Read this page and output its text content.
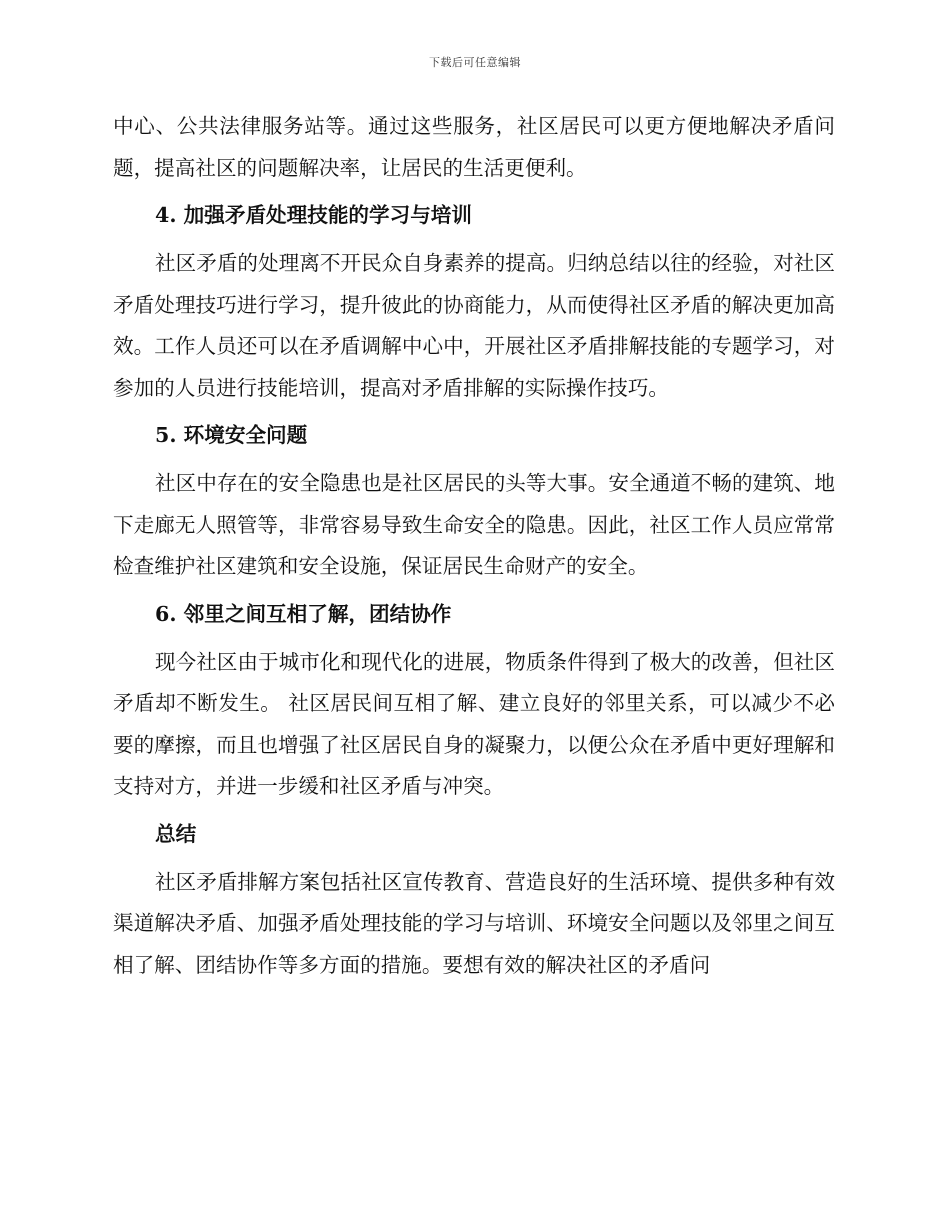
下载后可任意编辑

中心、公共法律服务站等。通过这些服务，社区居民可以更方便地解决矛盾问题，提高社区的问题解决率，让居民的生活更便利。

4. 加强矛盾处理技能的学习与培训

社区矛盾的处理离不开民众自身素养的提高。归纳总结以往的经验，对社区矛盾处理技巧进行学习，提升彼此的协商能力，从而使得社区矛盾的解决更加高效。工作人员还可以在矛盾调解中心中，开展社区矛盾排解技能的专题学习，对参加的人员进行技能培训，提高对矛盾排解的实际操作技巧。

5. 环境安全问题

社区中存在的安全隐患也是社区居民的头等大事。安全通道不畅的建筑、地下走廊无人照管等，非常容易导致生命安全的隐患。因此，社区工作人员应常常检查维护社区建筑和安全设施，保证居民生命财产的安全。

6. 邻里之间互相了解，团结协作

现今社区由于城市化和现代化的进展，物质条件得到了极大的改善，但社区矛盾却不断发生。 社区居民间互相了解、建立良好的邻里关系，可以减少不必要的摩擦，而且也增强了社区居民自身的凝聚力，以便公众在矛盾中更好理解和支持对方，并进一步缓和社区矛盾与冲突。

总结

社区矛盾排解方案包括社区宣传教育、营造良好的生活环境、提供多种有效渠道解决矛盾、加强矛盾处理技能的学习与培训、环境安全问题以及邻里之间互相了解、团结协作等多方面的措施。要想有效的解决社区的矛盾问
